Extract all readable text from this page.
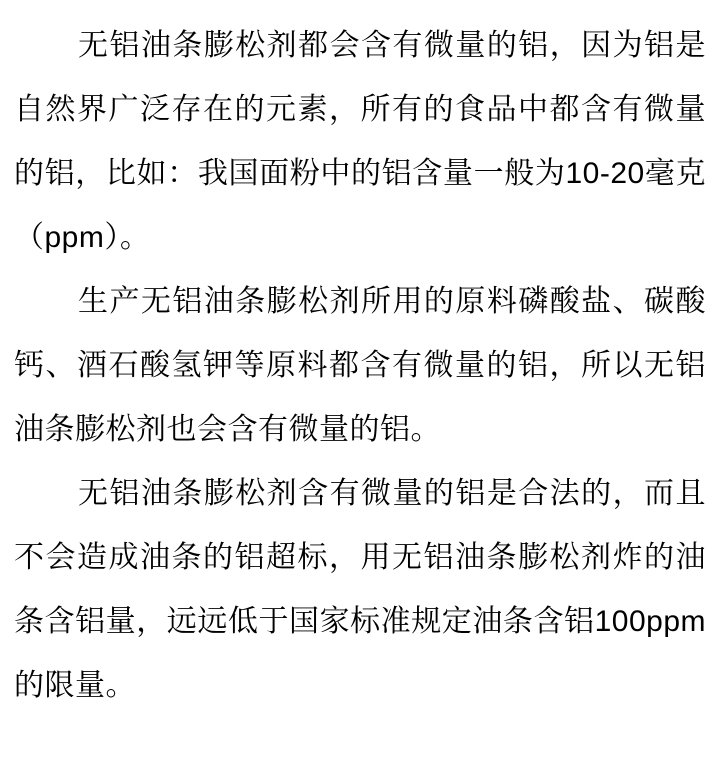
无铝油条膨松剂都会含有微量的铝，因为铝是自然界广泛存在的元素，所有的食品中都含有微量的铝，比如：我国面粉中的铝含量一般为10-20毫克（ppm）。

生产无铝油条膨松剂所用的原料磷酸盐、碳酸钙、酒石酸氢钾等原料都含有微量的铝，所以无铝油条膨松剂也会含有微量的铝。

无铝油条膨松剂含有微量的铝是合法的，而且不会造成油条的铝超标，用无铝油条膨松剂炸的油条含铝量，远远低于国家标准规定油条含铝100ppm的限量。
